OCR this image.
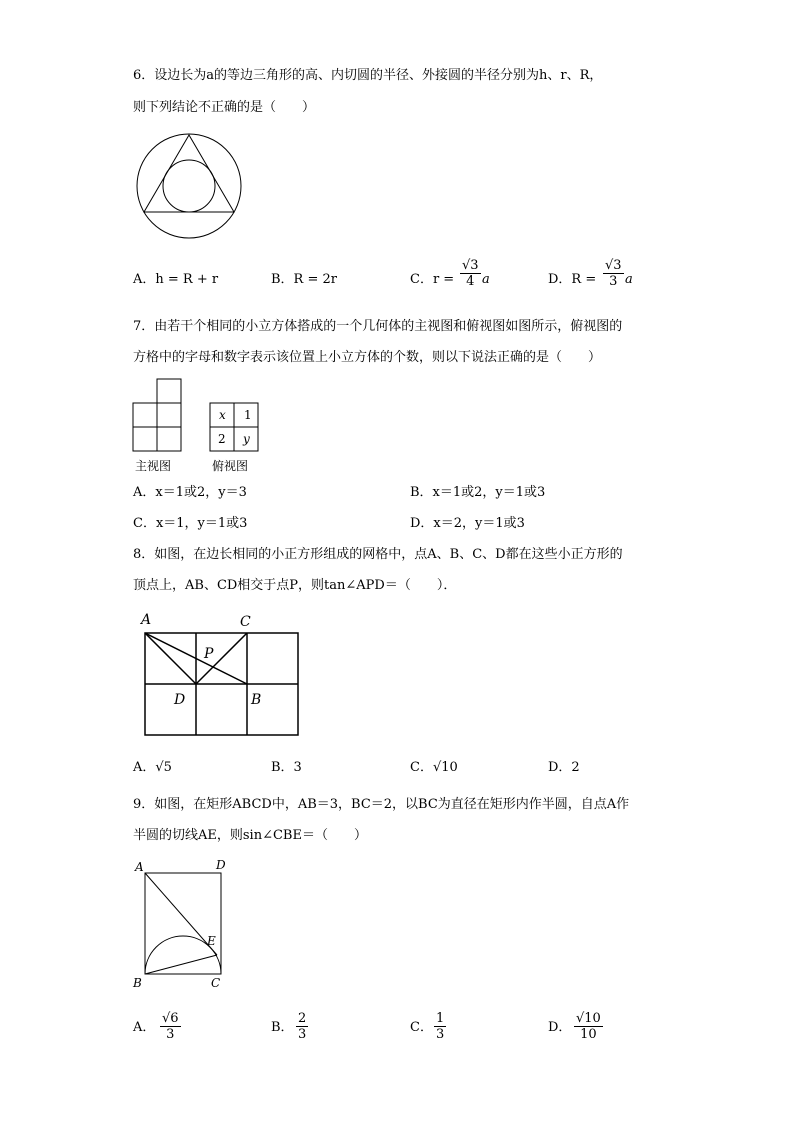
6．设边长为a的等边三角形的高、内切圆的半径、外接圆的半径分别为h、r、R，
则下列结论不正确的是（　　）
A．h = R + r	B．R = 2r	C．$r = \frac{√3}{4}$ a	D．$R = \frac{√3}{3}$ a
7．由若干个相同的小立方体搭成的一个几何体的主视图和俯视图如图所示，俯视图的
方格中的字母和数字表示该位置上小立方体的个数，则以下说法正确的是（　　）
主视图
x 1
2 y
俯视图
A．x＝1或2，y＝3	B．x＝1或2，y＝1或3
C．x＝1，y＝1或3	D．x＝2，y＝1或3
8．如图，在边长相同的小正方形组成的网格中，点A、B、C、D都在这些小正方形的
顶点上，AB、CD相交于点P，则tan∠APD＝（　　）．
A	C
P
D	B
A．√5	B．3	C．√10	D．2
9．如图，在矩形ABCD中，AB＝3，BC＝2，以BC为直径在矩形内作半圆，自点A作
半圆的切线AE，则sin∠CBE＝（　　）
A	D
E
B	C
A． $\frac{√6}{3}$	B． $\frac{2}{3}$	C． $\frac{1}{3}$	D． $\frac{√10}{10}$
